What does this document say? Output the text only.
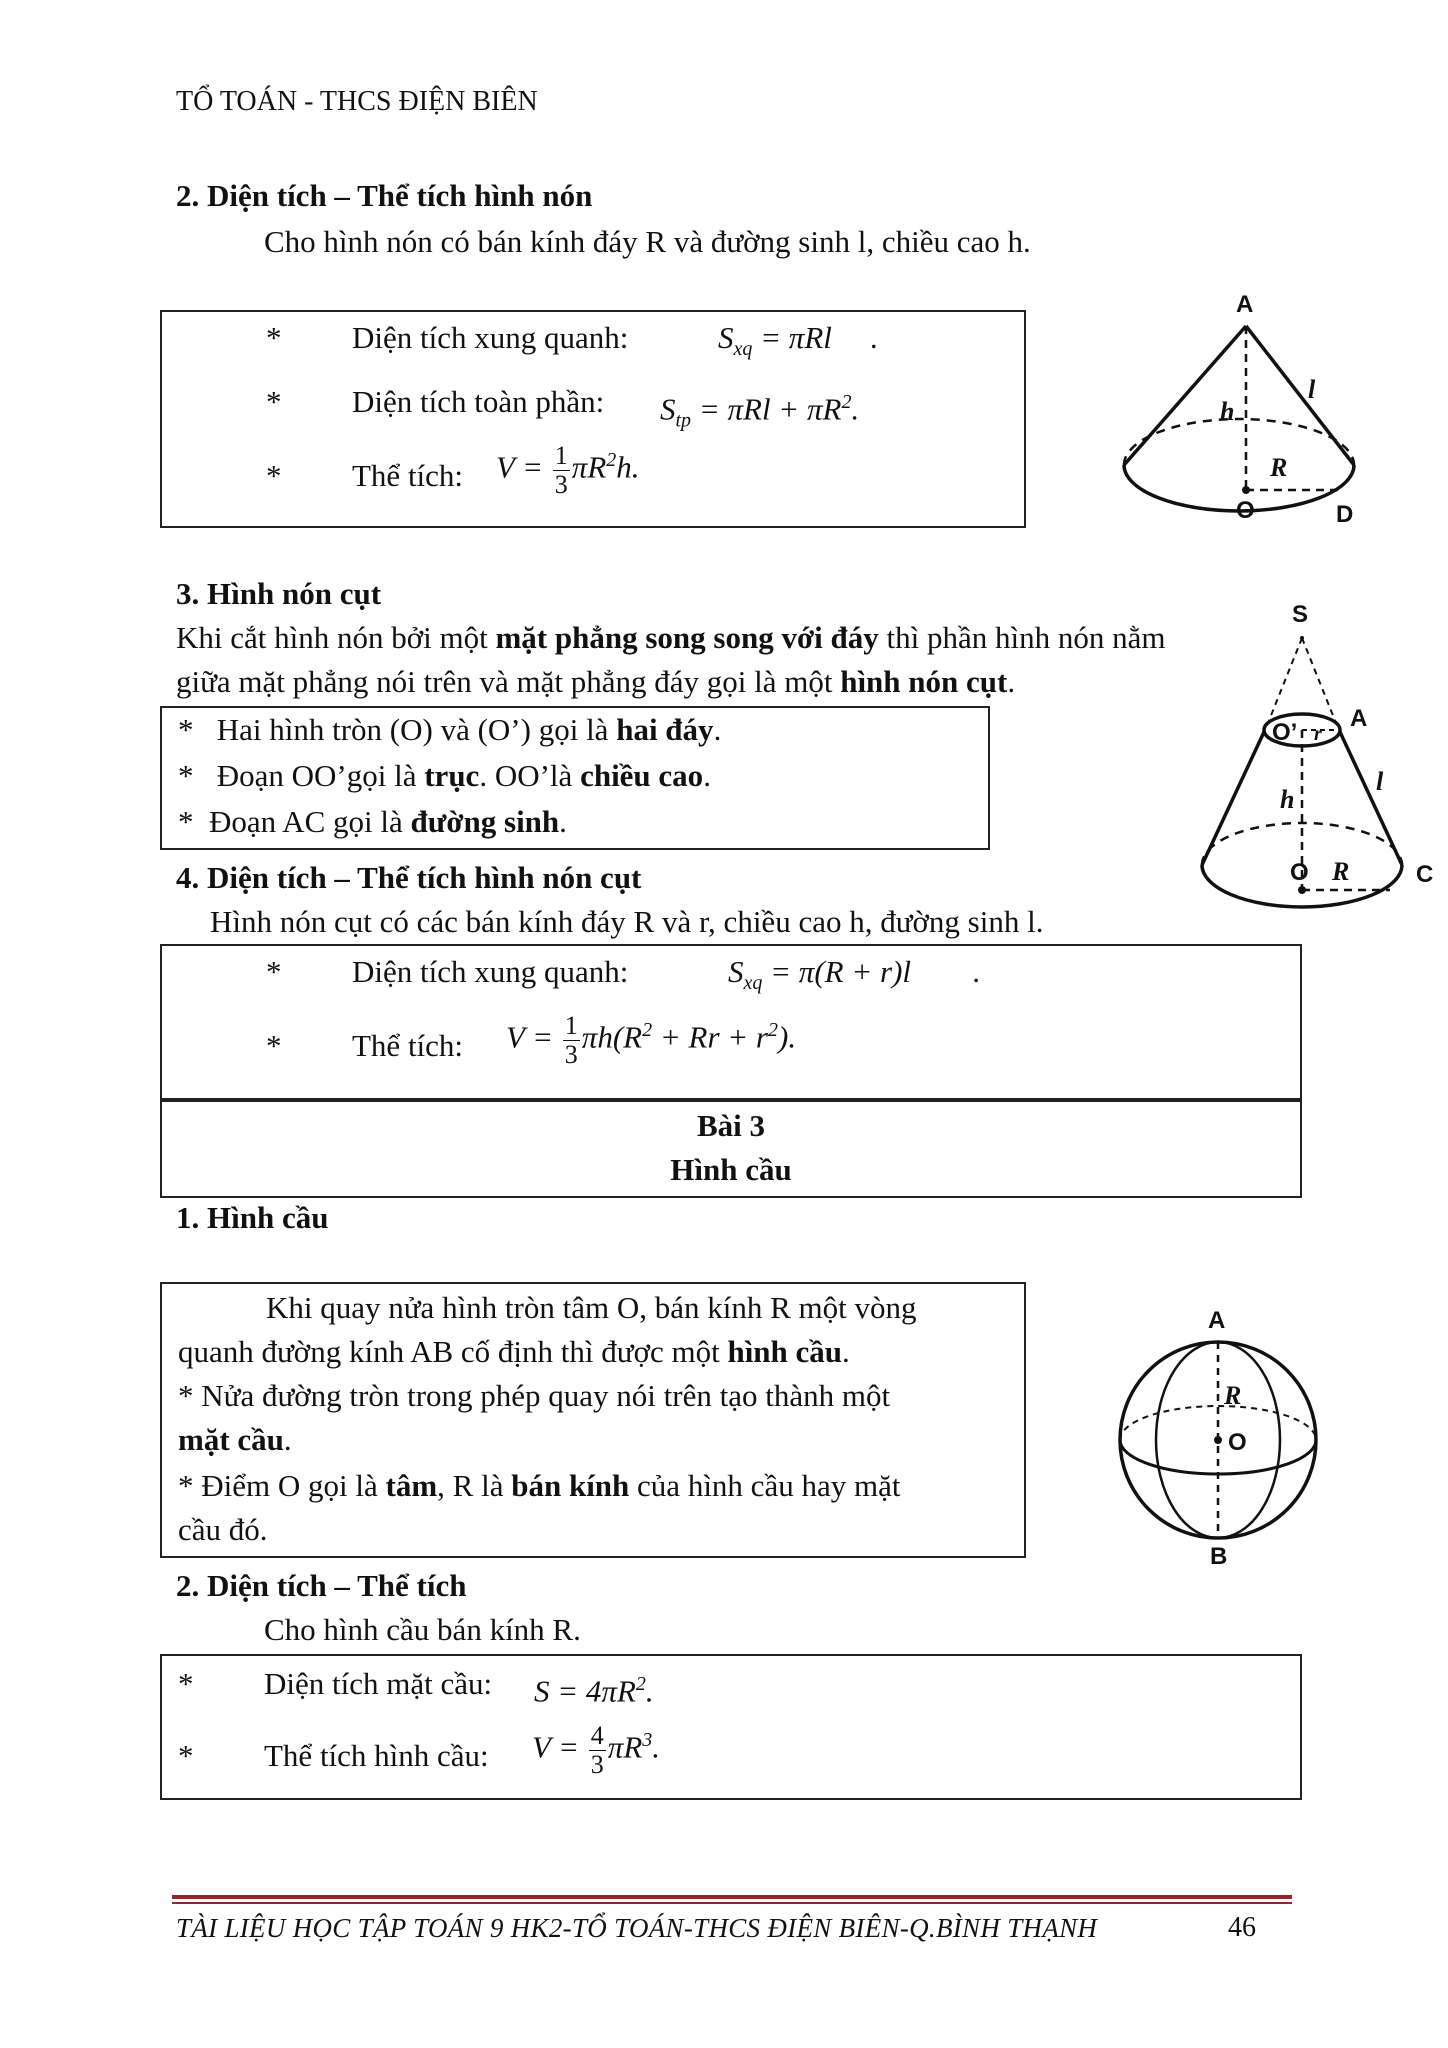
TỔ TOÁN - THCS ĐIỆN BIÊN
2. Diện tích – Thể tích hình nón
Cho hình nón có bán kính đáy R và đường sinh l, chiều cao h.
* Diện tích xung quanh:	$S_{xq} = \pi Rl$     .
* Diện tích toàn phần: $S_{tp} = \pi Rl + \pi R^2$.
* Thể tích: $V = \frac{1}{3} \pi R^2h$.
A
h
l
R
O	D
3. Hình nón cụt
Khi cắt hình nón bởi một mặt phẳng song song với đáy thì phần hình nón nằm
giữa mặt phẳng nói trên và mặt phẳng đáy gọi là một hình nón cụt.
*   Hai hình tròn (O) và (O’) gọi là hai đáy.
*   Đoạn OO’gọi là trục. OO’là chiều cao.
*  Đoạn AC gọi là đường sinh.
S
O’ r
A
h
l
O R	C
4. Diện tích – Thể tích hình nón cụt
Hình nón cụt có các bán kính đáy R và r, chiều cao h, đường sinh l.
* Diện tích xung quanh:	$S_{xq} = \pi(R + r)l$        .
* Thể tích: $V = \frac{1}{3} \pi h(R^2 + Rr + r^2)$.
Bài 3
Hình cầu
1. Hình cầu
Khi quay nửa hình tròn tâm O, bán kính R một vòng
quanh đường kính AB cố định thì được một hình cầu.
* Nửa đường tròn trong phép quay nói trên tạo thành một
mặt cầu.
* Điểm O gọi là tâm, R là bán kính của hình cầu hay mặt
cầu đó.
A
R
O
B
2. Diện tích – Thể tích
Cho hình cầu bán kính R.
* Diện tích mặt cầu: $S = 4\pi R^2$.
* Thể tích hình cầu: $V = \frac{4}{3} \pi R^3$.
TÀI LIỆU HỌC TẬP TOÁN 9 HK2-TỔ TOÁN-THCS ĐIỆN BIÊN-Q.BÌNH THẠNH	46
